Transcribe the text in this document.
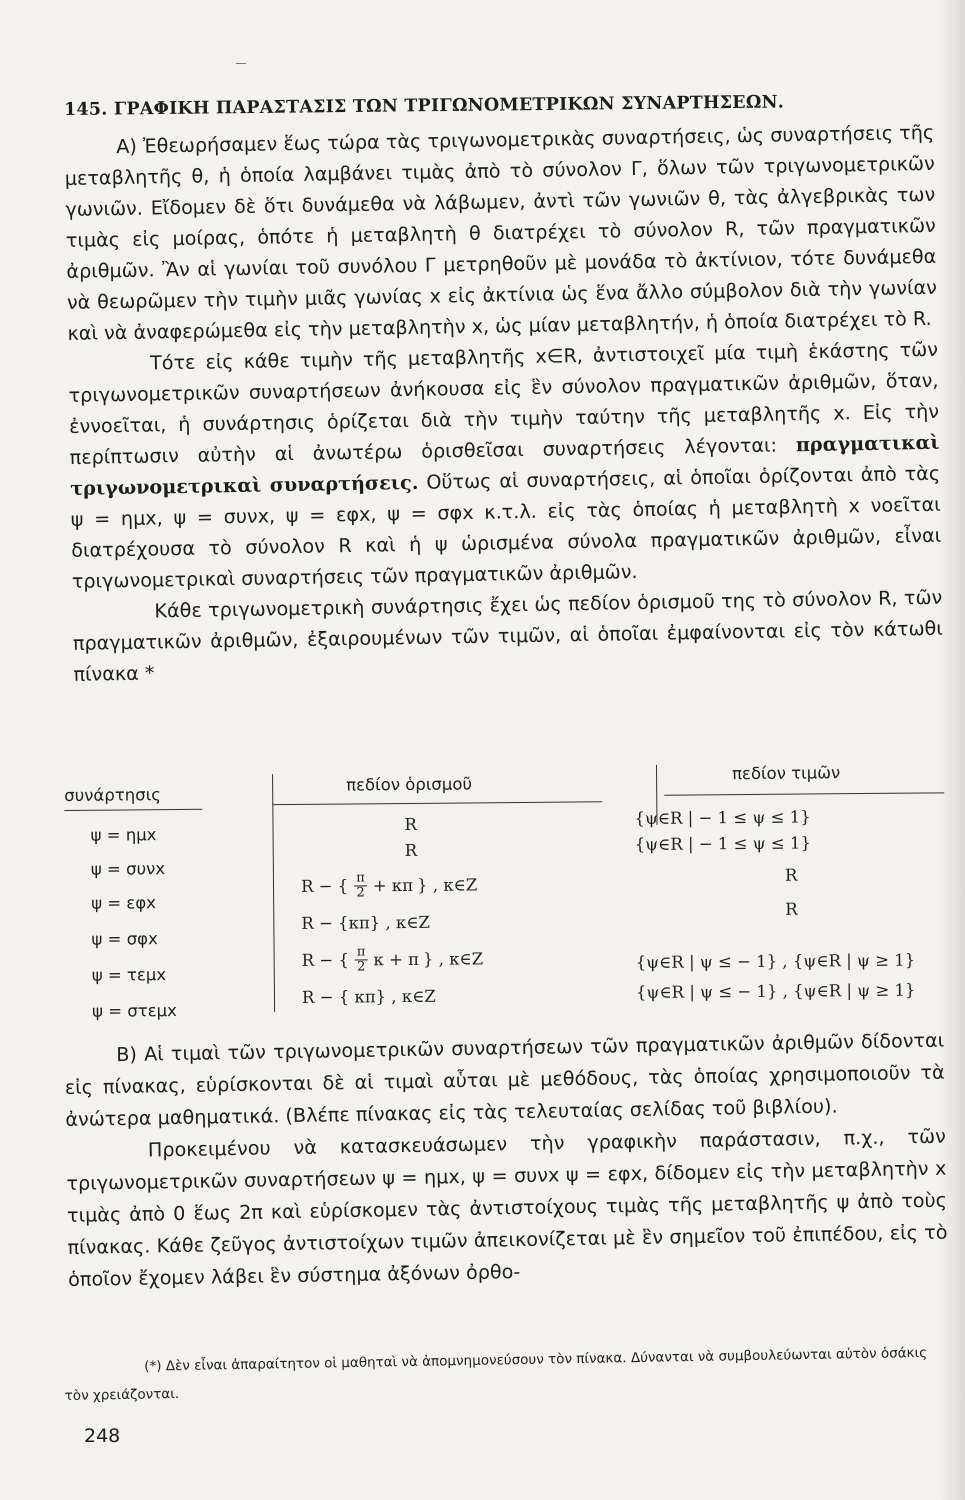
145. ΓΡΑΦΙΚΗ ΠΑΡΑΣΤΑΣΙΣ ΤΩΝ ΤΡΙΓΩΝΟΜΕΤΡΙΚΩΝ ΣΥΝΑΡΤΗΣΕΩΝ.

Α) Ἐθεωρήσαμεν ἕως τώρα τὰς τριγωνομετρικὰς συναρτήσεις, ὡς συναρτήσεις τῆς μεταβλητῆς θ, ἡ ὁποία λαμβάνει τιμὰς ἀπὸ τὸ σύνολον Γ, ὅλων τῶν τριγωνομετρικῶν γωνιῶν. Εἴδομεν δὲ ὅτι δυνάμεθα νὰ λάβωμεν, ἀντὶ τῶν γωνιῶν θ, τὰς ἀλγεβρικὰς των τιμὰς εἰς μοίρας, ὁπότε ἡ μεταβλητὴ θ διατρέχει τὸ σύνολον R, τῶν πραγματικῶν ἀριθμῶν. Ἂν αἱ γωνίαι τοῦ συνόλου Γ μετρηθοῦν μὲ μονάδα τὸ ἀκτίνιον, τότε δυνάμεθα νὰ θεωρῶμεν τὴν τιμὴν μιᾶς γωνίας x εἰς ἀκτίνια ὡς ἕνα ἄλλο σύμβολον διὰ τὴν γωνίαν καὶ νὰ ἀναφερώμεθα εἰς τὴν μεταβλητὴν x, ὡς μίαν μεταβλητήν, ἡ ὁποία διατρέχει τὸ R.

Τότε εἰς κάθε τιμὴν τῆς μεταβλητῆς x∈R, ἀντιστοιχεῖ μία τιμὴ ἑκάστης τῶν τριγωνομετρικῶν συναρτήσεων ἀνήκουσα εἰς ἓν σύνολον πραγματικῶν ἀριθμῶν, ὅταν, ἐννοεῖται, ἡ συνάρτησις ὁρίζεται διὰ τὴν τιμὴν ταύτην τῆς μεταβλητῆς x. Εἰς τὴν περίπτωσιν αὐτὴν αἱ ἀνωτέρω ὁρισθεῖσαι συναρτήσεις λέγονται: πραγματικαὶ τριγωνομετρικαὶ συναρτήσεις. Οὕτως αἱ συναρτήσεις, αἱ ὁποῖαι ὁρίζονται ἀπὸ τὰς ψ = ημx, ψ = συνx, ψ = εφx, ψ = σφx κ.τ.λ. εἰς τὰς ὁποίας ἡ μεταβλητὴ x νοεῖται διατρέχουσα τὸ σύνολον R καὶ ἡ ψ ὡρισμένα σύνολα πραγματικῶν ἀριθμῶν, εἶναι τριγωνομετρικαὶ συναρτήσεις τῶν πραγματικῶν ἀριθμῶν.

Κάθε τριγωνομετρικὴ συνάρτησις ἔχει ὡς πεδίον ὁρισμοῦ της τὸ σύνολον R, τῶν πραγματικῶν ἀριθμῶν, ἐξαιρουμένων τῶν τιμῶν, αἱ ὁποῖαι ἐμφαίνονται εἰς τὸν κάτωθι πίνακα *

συνάρτησις
πεδίον ὁρισμοῦ
πεδίον τιμῶν
ψ = ημx
ψ = συνx
ψ = εφx
ψ = σφx
ψ = τεμx
ψ = στεμx
R
R
R − { $\frac{\pi}{2} + \kappa\pi$ } , κ∈Z
R − {κπ} , κ∈Z
R − { $\frac{\pi}{2}$ κ + π } , κ∈Z
R − { κπ} , κ∈Z
{ψ∈R | − 1 ≤ ψ ≤ 1}
{ψ∈R | − 1 ≤ ψ ≤ 1}
R
R
{ψ∈R | ψ ≤ − 1} , {ψ∈R | ψ ≥ 1}
{ψ∈R | ψ ≤ − 1} , {ψ∈R | ψ ≥ 1}

Β) Αἱ τιμαὶ τῶν τριγωνομετρικῶν συναρτήσεων τῶν πραγματικῶν ἀριθμῶν δίδονται εἰς πίνακας, εὑρίσκονται δὲ αἱ τιμαὶ αὗται μὲ μεθόδους, τὰς ὁποίας χρησιμοποιοῦν τὰ ἀνώτερα μαθηματικά. (Βλέπε πίνακας εἰς τὰς τελευταίας σελίδας τοῦ βιβλίου).

Προκειμένου νὰ κατασκευάσωμεν τὴν γραφικὴν παράστασιν, π.χ., τῶν τριγωνομετρικῶν συναρτήσεων ψ = ημx, ψ = συνx ψ = εφx, δίδομεν εἰς τὴν μεταβλητὴν x τιμὰς ἀπὸ 0 ἕως 2π καὶ εὑρίσκομεν τὰς ἀντιστοίχους τιμὰς τῆς μεταβλητῆς ψ ἀπὸ τοὺς πίνακας. Κάθε ζεῦγος ἀντιστοίχων τιμῶν ἀπεικονίζεται μὲ ἓν σημεῖον τοῦ ἐπιπέδου, εἰς τὸ ὁποῖον ἔχομεν λάβει ἓν σύστημα ἀξόνων ὀρθο-

(*) Δὲν εἶναι ἀπαραίτητον οἱ μαθηταὶ νὰ ἀπομνημονεύσουν τὸν πίνακα. Δύνανται νὰ συμβουλεύωνται αὐτὸν ὁσάκις τὸν χρειάζονται.

248
